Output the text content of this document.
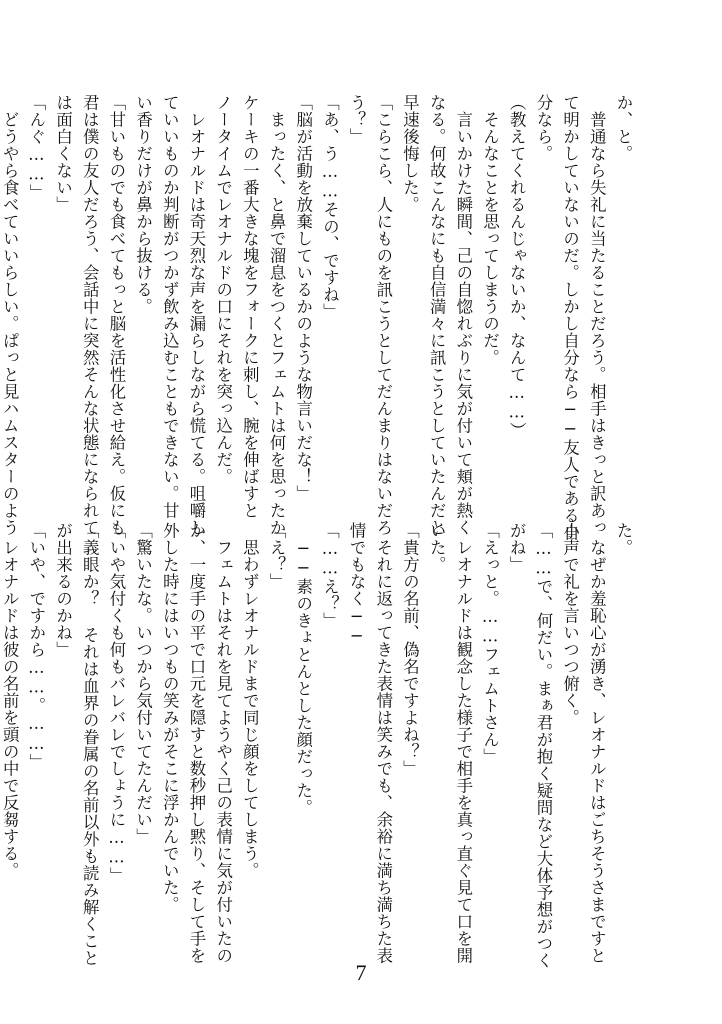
か、と。
　普通なら失礼に当たることだろう。相手はきっと訳あっ
て明かしていないのだ。しかし自分なら──友人である自
分なら。
（教えてくれるんじゃないか、なんて……）
　そんなことを思ってしまうのだ。
　言いかけた瞬間、己の自惚れぶりに気が付いて頬が熱く
なる。何故こんなにも自信満々に訊こうとしていたんだと
早速後悔した。
「こらこら、人にものを訊こうとしてだんまりはないだろ
う？」
「あ、う……その、ですね」
「脳が活動を放棄しているかのような物言いだな！」
　まったく、と鼻で溜息をつくとフェムトは何を思ったか
ケーキの一番大きな塊をフォークに刺し、腕を伸ばすと
ノータイムでレオナルドの口にそれを突っ込んだ。
　レオナルドは奇天烈な声を漏らしながら慌てる。咀嚼し
ていいものか判断がつかず飲み込むこともできない。甘
い香りだけが鼻から抜ける。
「甘いものでも食べてもっと脳を活性化させ給え。仮にも
君は僕の友人だろう、会話中に突然そんな状態になられて
は面白くない」
「んぐ……」
　どうやら食べていいらしい。ぱっと見ハムスターのよう
た。
　なぜか羞恥心が湧き、レオナルドはごちそうさまですと
小声で礼を言いつつ俯く。
「……で、何だい。まぁ君が抱く疑問など大体予想がつく
がね」
「えっと。……フェムトさん」
　レオナルドは観念した様子で相手を真っ直ぐ見て口を開
いた。
「貴方の名前、偽名ですよね？」
　それに返ってきた表情は笑みでも、余裕に満ち満ちた表
情でもなく──
「……え？」
　──素のきょとんとした顔だった。
「え？」
　思わずレオナルドまで同じ顔をしてしまう。
　フェムトはそれを見てようやく己の表情に気が付いたの
か、一度手の平で口元を隠すと数秒押し黙り、そして手を
外した時にはいつもの笑みがそこに浮かんでいた。
「驚いたな。いつから気付いてたんだい」
「いや気付くも何もバレバレでしょうに……」
「義眼か？ それは血界の眷属の名前以外も読み解くこと
が出来るのかね」
「いや、ですから……。……」
　レオナルドは彼の名前を頭の中で反芻する。
7
